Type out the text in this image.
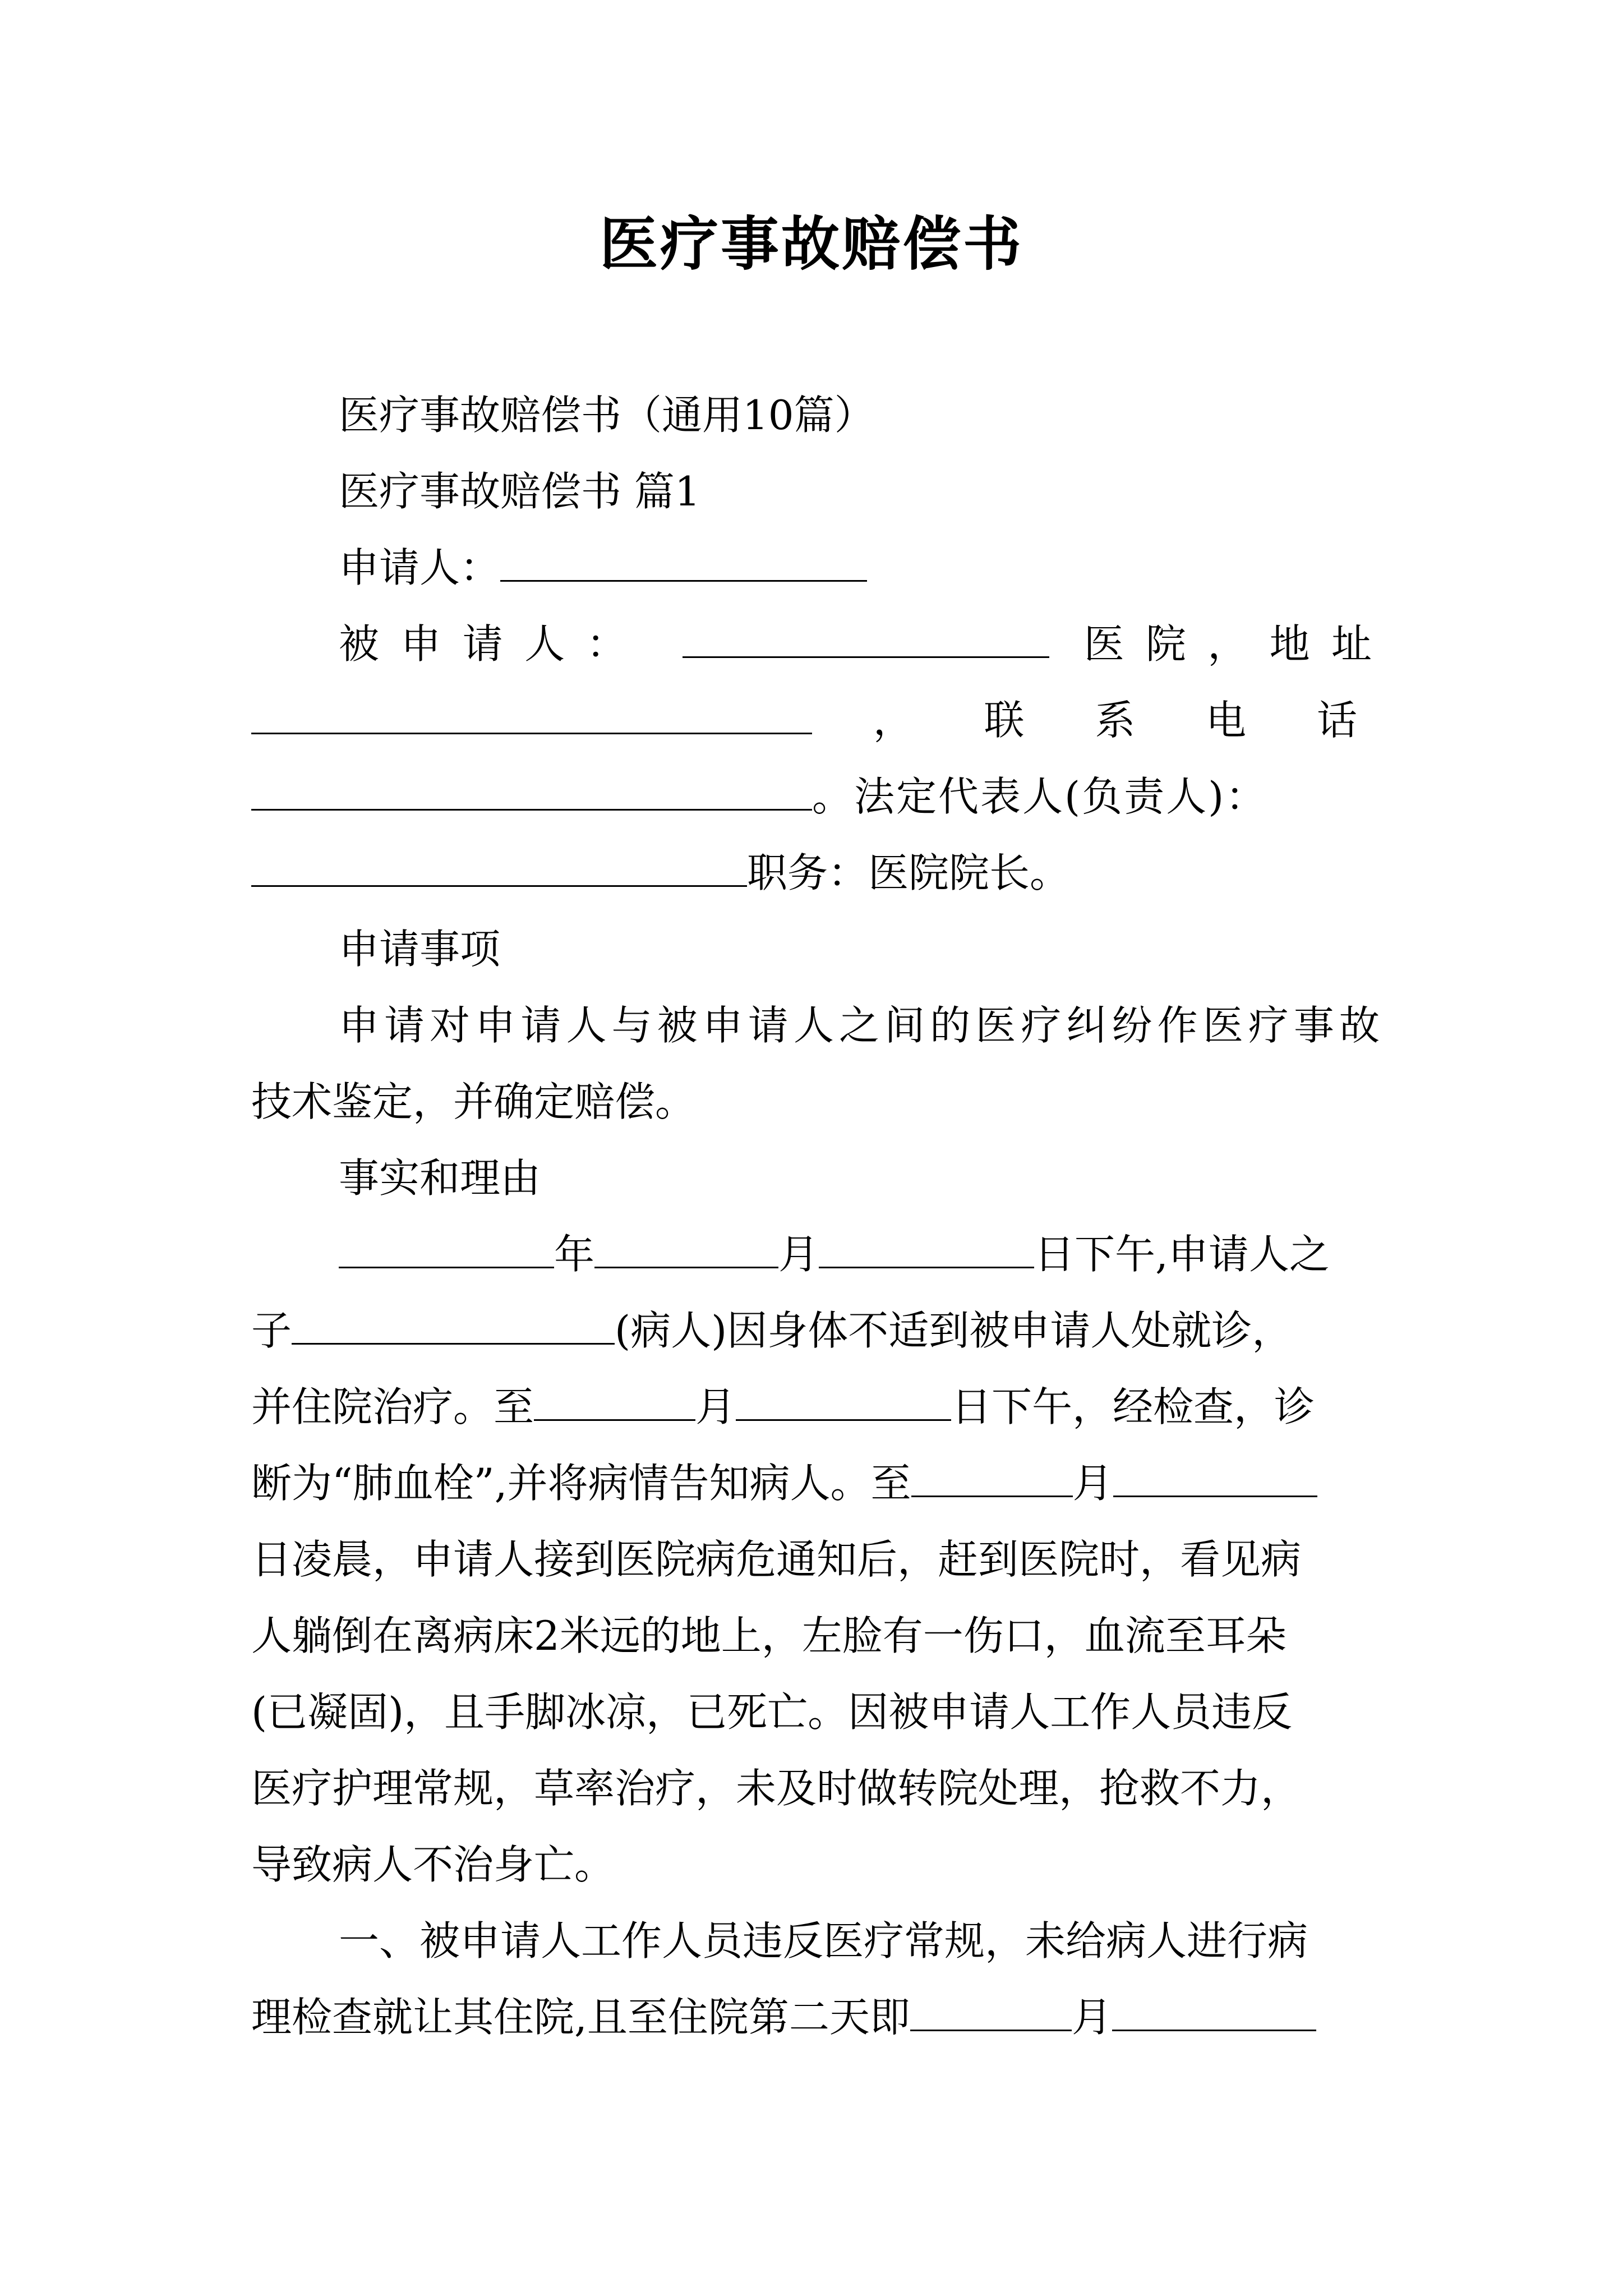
医疗事故赔偿书
医疗事故赔偿书（通用10篇）
医疗事故赔偿书 篇1
申请人：
被申请人：	医院，地址
，联系电话
。法定代表人(负责人)：
职务：医院院长。
申请事项
申请对申请人与被申请人之间的医疗纠纷作医疗事故
技术鉴定，并确定赔偿。
事实和理由
年	月	日下午,申请人之
子	(病人)因身体不适到被申请人处就诊，
并住院治疗。至	月	日下午，经检查，诊
断为“肺血栓”,并将病情告知病人。至	月
日凌晨，申请人接到医院病危通知后，赶到医院时，看见病
人躺倒在离病床2米远的地上，左脸有一伤口，血流至耳朵
(已凝固)，且手脚冰凉，已死亡。因被申请人工作人员违反
医疗护理常规，草率治疗，未及时做转院处理，抢救不力，
导致病人不治身亡。
一、被申请人工作人员违反医疗常规，未给病人进行病
理检查就让其住院,且至住院第二天即	月
